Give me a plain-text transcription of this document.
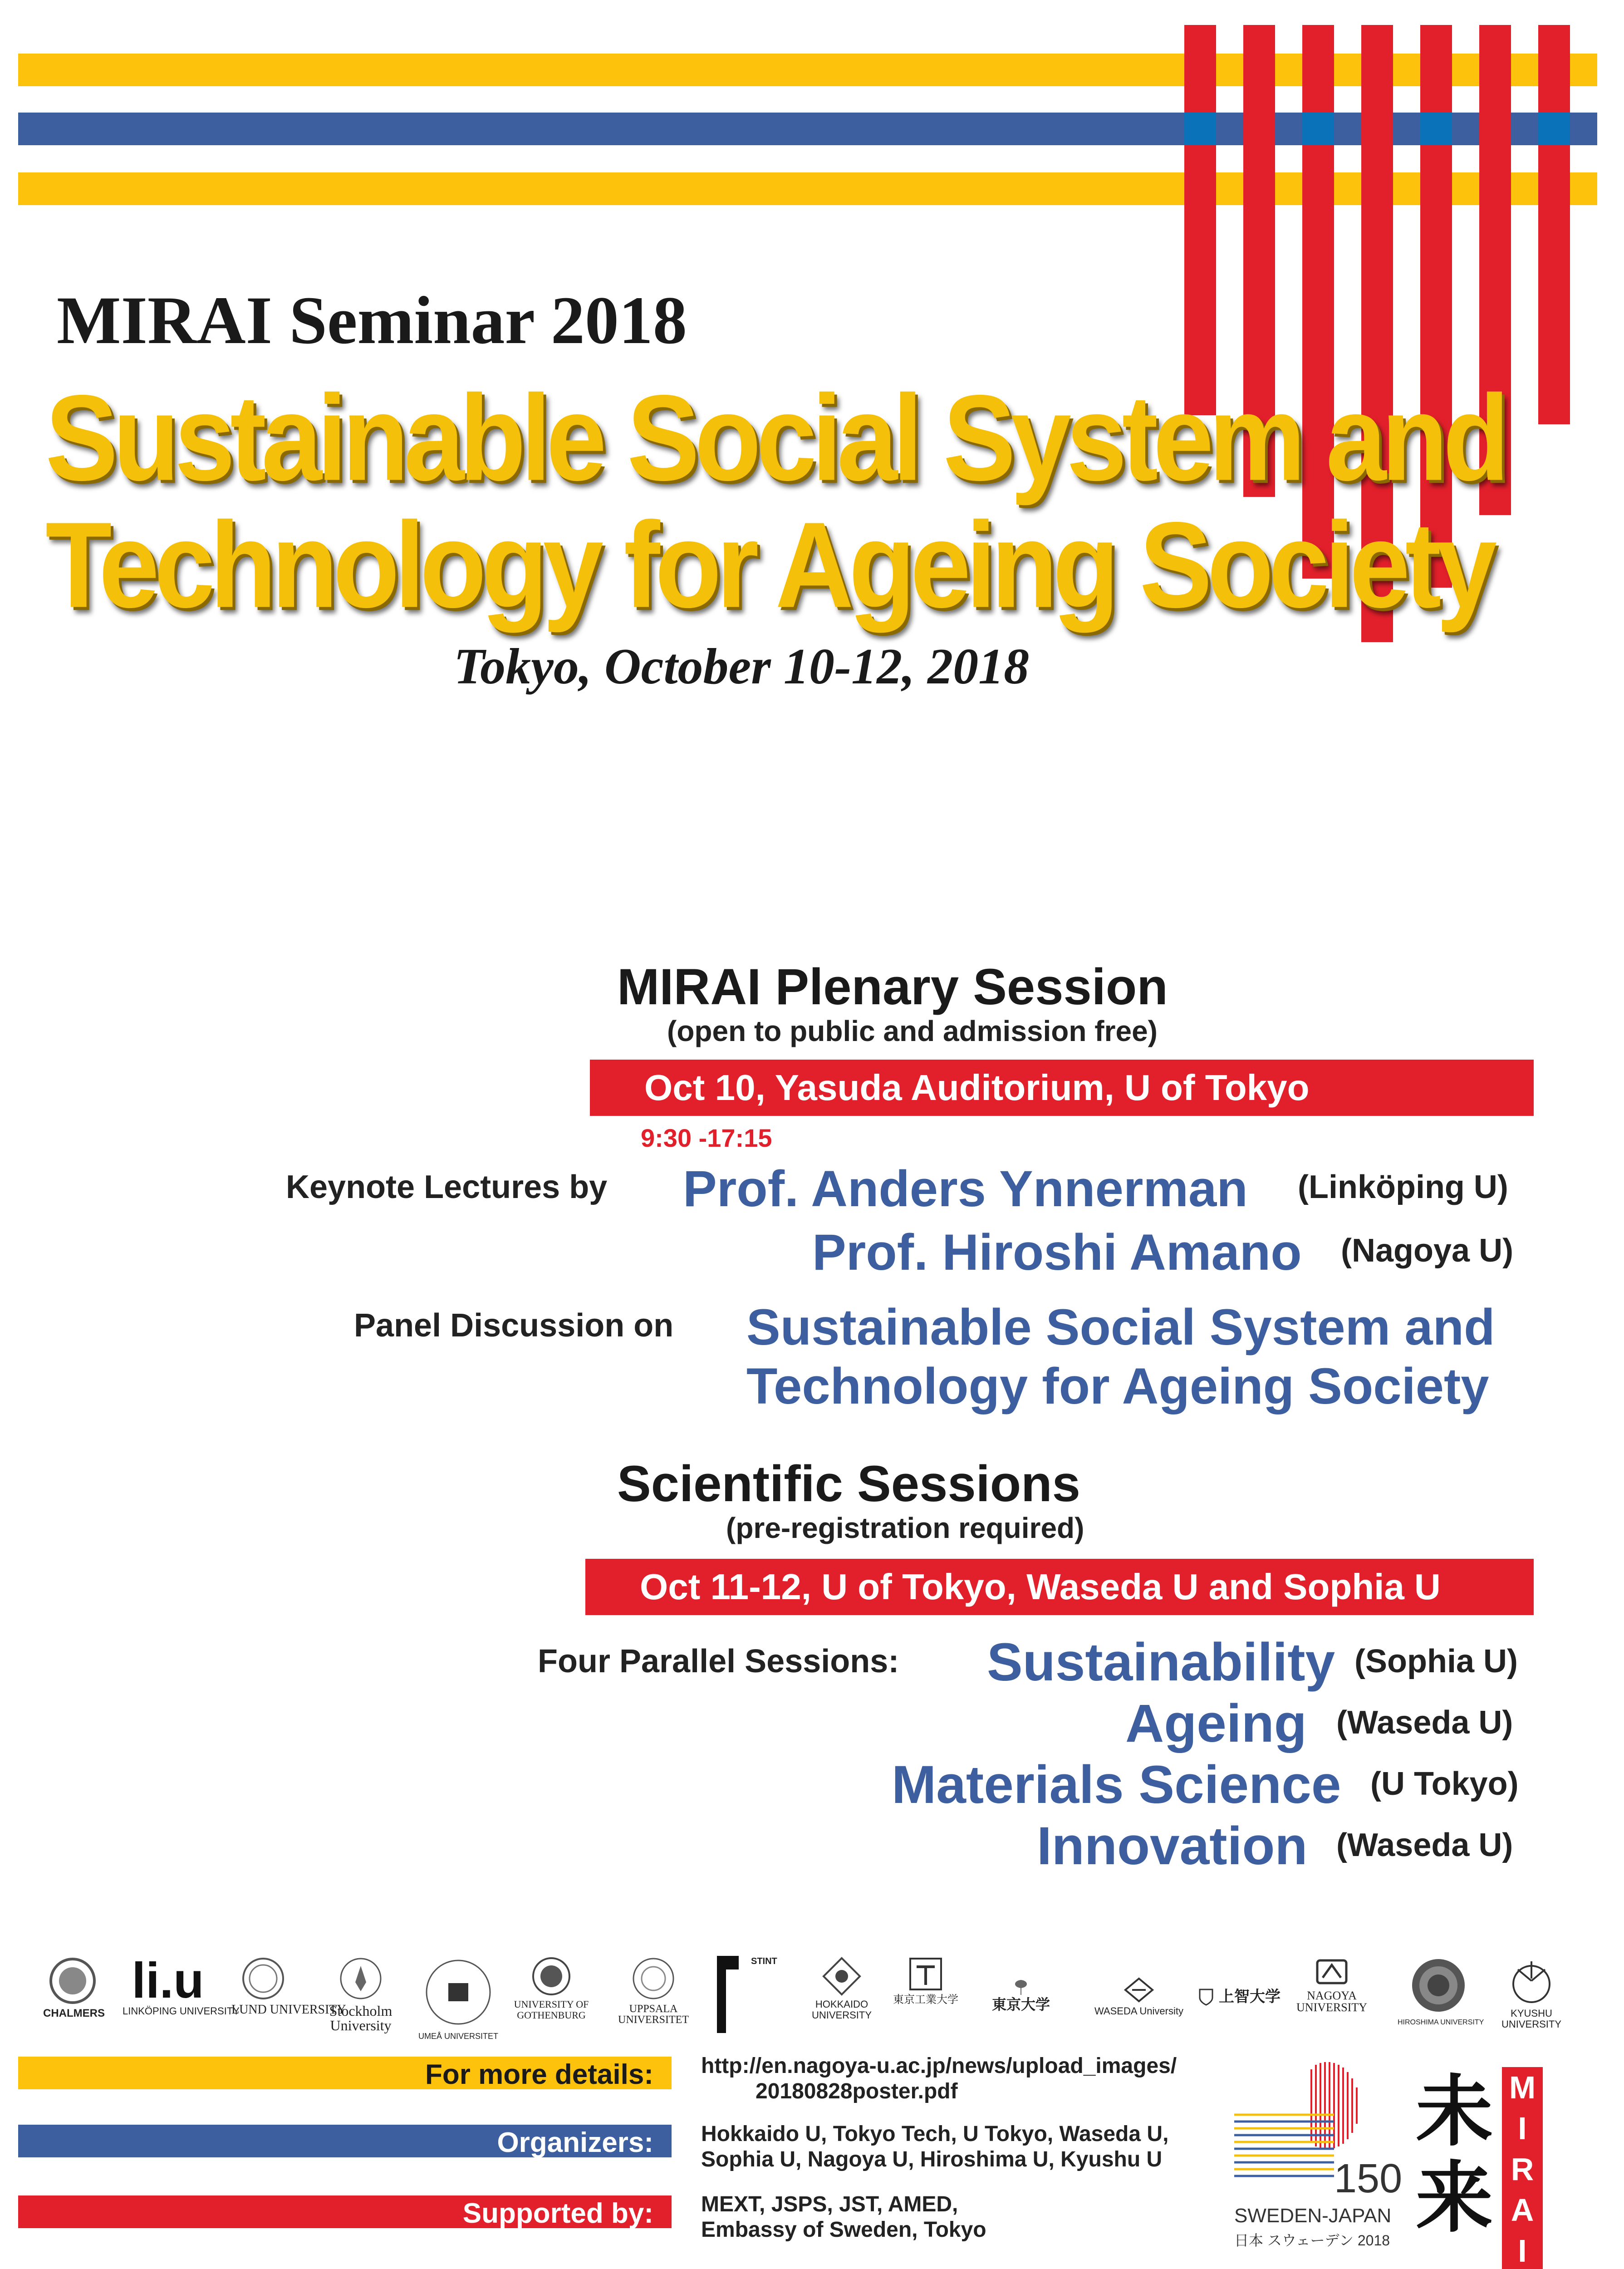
MIRAI Seminar 2018
Sustainable Social System and
Technology for Ageing Society
Tokyo, October 10-12, 2018
MIRAI Plenary Session
(open to public and admission free)
Oct 10, Yasuda Auditorium, U of Tokyo
9:30 -17:15
Keynote Lectures by Prof. Anders Ynnerman (Linköping U)
Prof. Hiroshi Amano (Nagoya U)
Panel Discussion on Sustainable Social System and
Technology for Ageing Society
Scientific Sessions
(pre-registration required)
Oct 11-12, U of Tokyo, Waseda U and Sophia U
Four Parallel Sessions: Sustainability (Sophia U)
Ageing (Waseda U)
Materials Science (U Tokyo)
Innovation (Waseda U)
CHALMERS
li.u
LINKÖPING UNIVERSITY
LUND UNIVERSITY
Stockholm University
UMEÅ UNIVERSITET
UNIVERSITY OF GOTHENBURG
UPPSALA UNIVERSITET
STINT
HOKKAIDO UNIVERSITY
東京工業大学	東京大学	WASEDA University
上智大学	NAGOYA UNIVERSITY
HIROSHIMA UNIVERSITY
KYUSHU UNIVERSITY
For more details: http://en.nagoya-u.ac.jp/news/upload_images/
20180828poster.pdf
Organizers: Hokkaido U, Tokyo Tech, U Tokyo, Waseda U,
Sophia U, Nagoya U, Hiroshima U, Kyushu U
Supported by: MEXT, JSPS, JST, AMED,
Embassy of Sweden, Tokyo
150
SWEDEN-JAPAN
日本 スウェーデン 2018
未
来
M
I
R
A
I
